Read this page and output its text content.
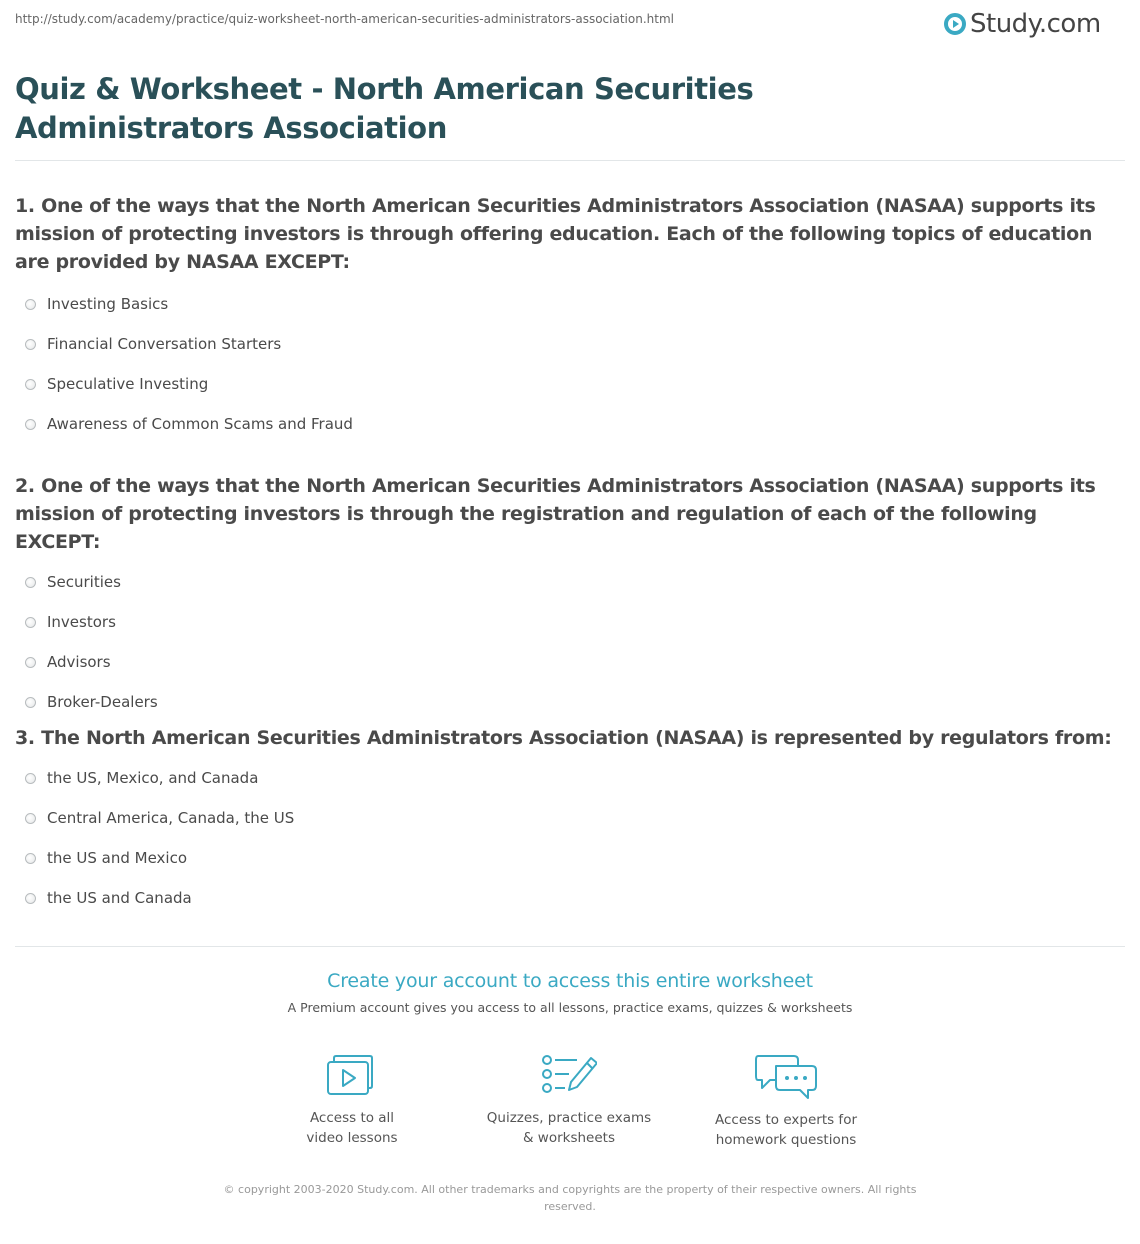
http://study.com/academy/practice/quiz-worksheet-north-american-securities-administrators-association.html	Study.com
Quiz & Worksheet - North American Securities Administrators Association

1. One of the ways that the North American Securities Administrators Association (NASAA) supports its mission of protecting investors is through offering education. Each of the following topics of education are provided by NASAA EXCEPT:

Investing Basics
Financial Conversation Starters
Speculative Investing
Awareness of Common Scams and Fraud

2. One of the ways that the North American Securities Administrators Association (NASAA) supports its mission of protecting investors is through the registration and regulation of each of the following EXCEPT:

Securities
Investors
Advisors
Broker-Dealers

3. The North American Securities Administrators Association (NASAA) is represented by regulators from:

the US, Mexico, and Canada
Central America, Canada, the US
the US and Mexico
the US and Canada
Create your account to access this entire worksheet
A Premium account gives you access to all lessons, practice exams, quizzes & worksheets
Access to all
video lessons
Quizzes, practice exams
& worksheets
Access to experts for
homework questions
© copyright 2003-2020 Study.com. All other trademarks and copyrights are the property of their respective owners. All rights reserved.
